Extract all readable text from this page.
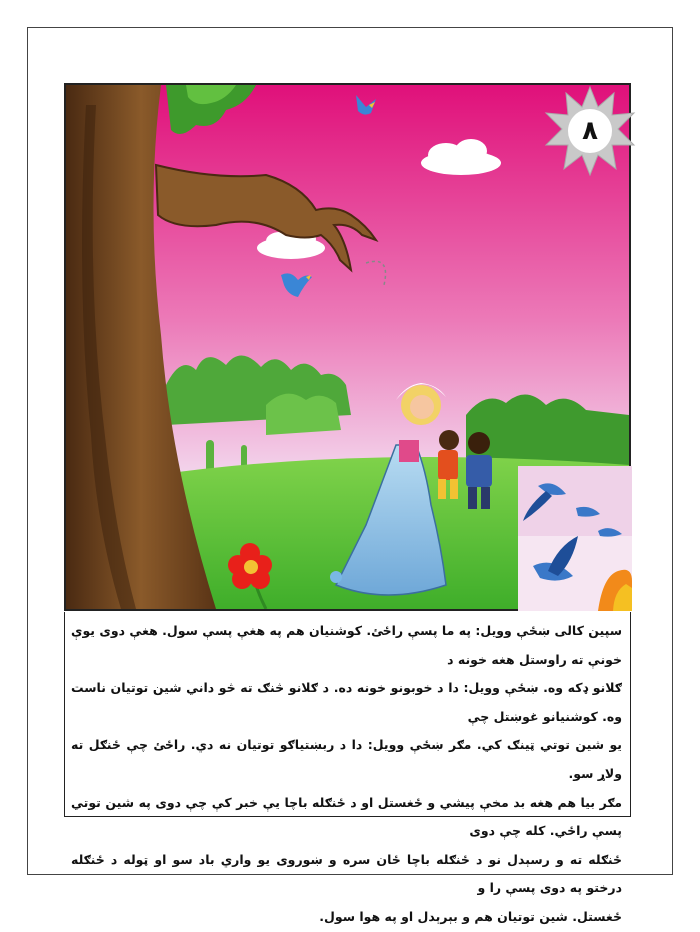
۸

سپین کالی ښځې وویل: په ما پسې راځئ. کوشنیان هم په هغې پسې سول. هغې دوی یوې خونې ته راوستل هغه خونه د

ګلانو ډکه وه. ښځې وویل: دا د خوبونو خونه ده. د ګلانو څنګ ته څو داني شین توتیان ناست وه. کوشنیانو غوښتل چې

یو شین توتي ټینګ کي. مګر ښځې وویل: دا د ربښتیاګو توتیان نه دي. راځئ چې ځنګل ته ولاړ سو.

مګر بیا هم هغه بد مخې پیشي و ځغستل او د ځنګله باچا یې خبر کې چې دوی په شین توتي پسې راځي. کله چې دوی

ځنګله ته و رسېدل نو د ځنګله باچا ځان سره و ښوروی یو واري باد سو او ټوله د ځنګله درختو په دوی پسې را و

ځغستل. شین توتیان هم و بېرېدل او په هوا سول.
